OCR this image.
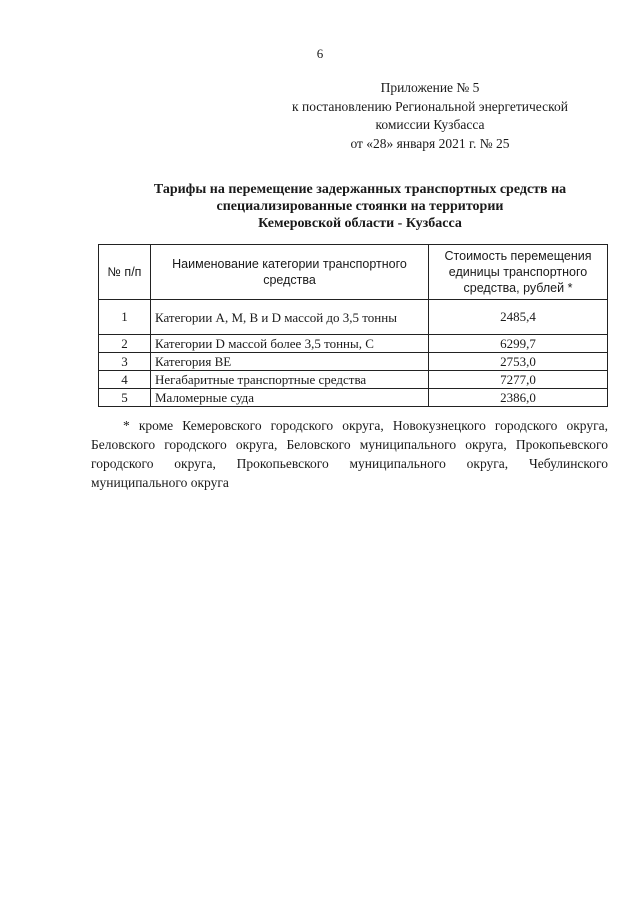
6
Приложение № 5
к постановлению Региональной энергетической
комиссии Кузбасса
от «28» января 2021 г. № 25
Тарифы на перемещение задержанных транспортных средств на
специализированные стоянки на территории
Кемеровской области - Кузбасса
№ п/п	Наименование категории транспортного средства	Стоимость перемещения единицы транспортного средства, рублей *
1	Категории A, M, B и D массой до 3,5 тонны	2485,4
2	Категории D массой более 3,5 тонны, C	6299,7
3	Категория BE	2753,0
4	Негабаритные транспортные средства	7277,0
5	Маломерные суда	2386,0
* кроме Кемеровского городского округа, Новокузнецкого городского округа, Беловского городского округа, Беловского муниципального округа, Прокопьевского городского округа, Прокопьевского муниципального округа, Чебулинского муниципального округа
